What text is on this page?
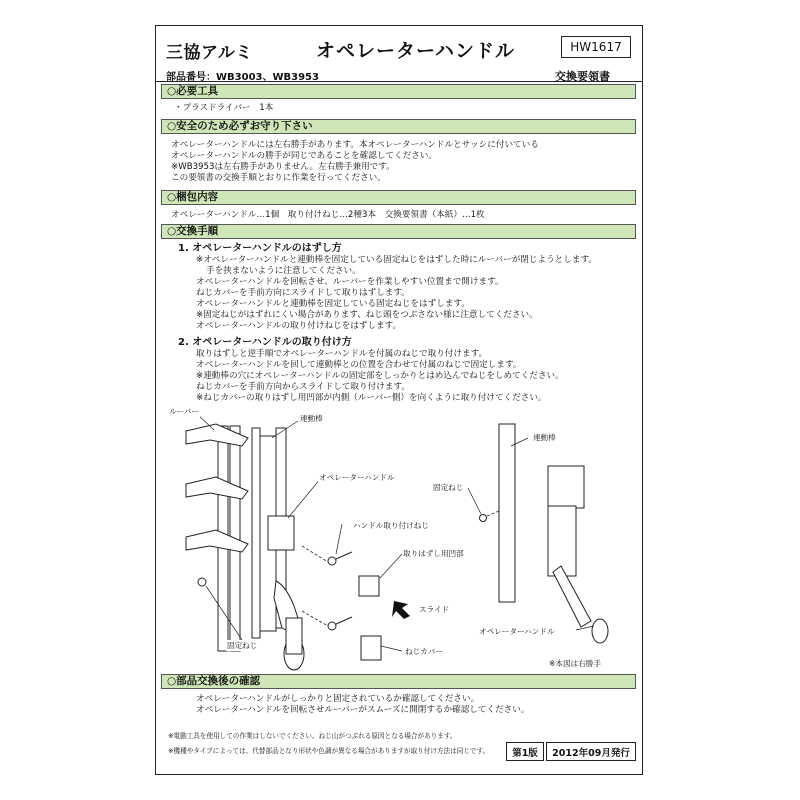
三協アルミ	オペレーターハンドル	HW1617
部品番号：WB3003、WB3953	交換要領書
○必要工具
・プラスドライバー　1本
○安全のため必ずお守り下さい
オペレーターハンドルには左右勝手があります。本オペレーターハンドルとサッシに付いている
オペレーターハンドルの勝手が同じであることを確認してください。
※WB3953は左右勝手がありません。左右勝手兼用です。
この要領書の交換手順とおりに作業を行ってください。
○梱包内容
オペレーターハンドル…1個　取り付けねじ…2種3本　交換要領書（本紙）…1枚
○交換手順
1. オペレーターハンドルのはずし方
※オペレーターハンドルと連動棒を固定している固定ねじをはずした時にルーバーが閉じようとします。
手を挟まないように注意してください。
オペレーターハンドルを回転させ、ルーバーを作業しやすい位置まで開けます。
ねじカバーを手前方向にスライドして取りはずします。
オペレーターハンドルと連動棒を固定している固定ねじをはずします。
※固定ねじがはずれにくい場合があります、ねじ頭をつぶさない様に注意してください。
オペレーターハンドルの取り付けねじをはずします。
2. オペレーターハンドルの取り付け方
取りはずしと逆手順でオペレーターハンドルを付属のねじで取り付けます。
オペレーターハンドルを回して連動棒との位置を合わせて付属のねじで固定します。
※連動棒の穴にオペレーターハンドルの固定部をしっかりとはめ込んでねじをしめてください。
ねじカバーを手前方向からスライドして取り付けます。
※ねじカバーの取りはずし用凹部が内側（ルーバー側）を向くように取り付けてください。
ルーバー
連動棒
オペレーターハンドル
ハンドル取り付けねじ
取りはずし用凹部
スライド
固定ねじ
ねじカバー
連動棒
固定ねじ
オペレーターハンドル
※本図は右勝手
○部品交換後の確認
オペレーターハンドルがしっかりと固定されているか確認してください。
オペレーターハンドルを回転させルーバーがスムーズに開閉するか確認してください。
※電動工具を使用しての作業はしないでください。ねじ山がつぶれる原因となる場合があります。
※機種やタイプによっては、代替部品となり形状や色調が異なる場合がありますが取り付け方法は同じです。 第1版 2012年09月発行
